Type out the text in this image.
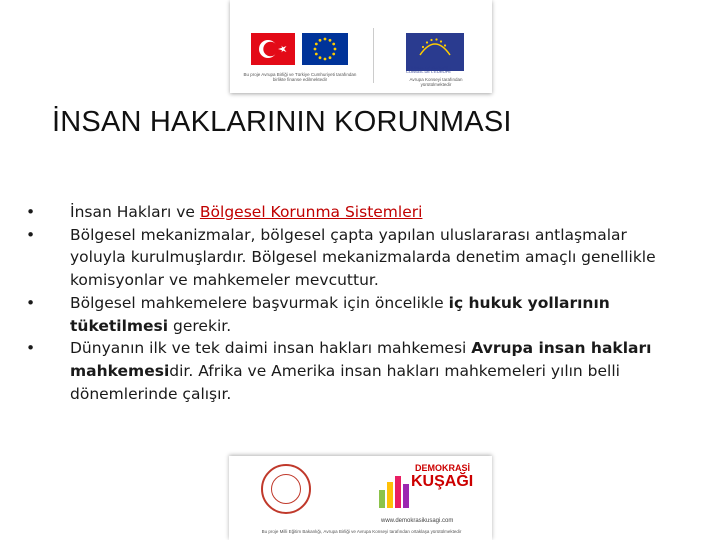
Bu proje Avrupa Birliği ve Türkiye Cumhuriyeti tarafından birlikte finanse edilmektedir
COUNCIL OF EUROPE / CONSEIL DE L'EUROPE
Avrupa Konseyi tarafından yürütülmektedir
İNSAN HAKLARININ KORUNMASI
•	İnsan Hakları ve Bölgesel Korunma Sistemleri
•	Bölgesel mekanizmalar, bölgesel çapta yapılan uluslararası antlaşmalar yoluyla kurulmuşlardır. Bölgesel mekanizmalarda denetim amaçlı genellikle komisyonlar ve mahkemeler mevcuttur.
•	Bölgesel mahkemelere başvurmak için öncelikle iç hukuk yollarının tüketilmesi gerekir.
•	Dünyanın ilk ve tek daimi insan hakları mahkemesi Avrupa insan hakları mahkemesidir. Afrika ve Amerika insan hakları mahkemeleri yılın belli dönemlerinde çalışır.
DEMOKRASİ
KUŞAĞI
www.demokrasikusagi.com
Bu proje Milli Eğitim Bakanlığı, Avrupa Birliği ve Avrupa Konseyi tarafından ortaklaşa yürütülmektedir
